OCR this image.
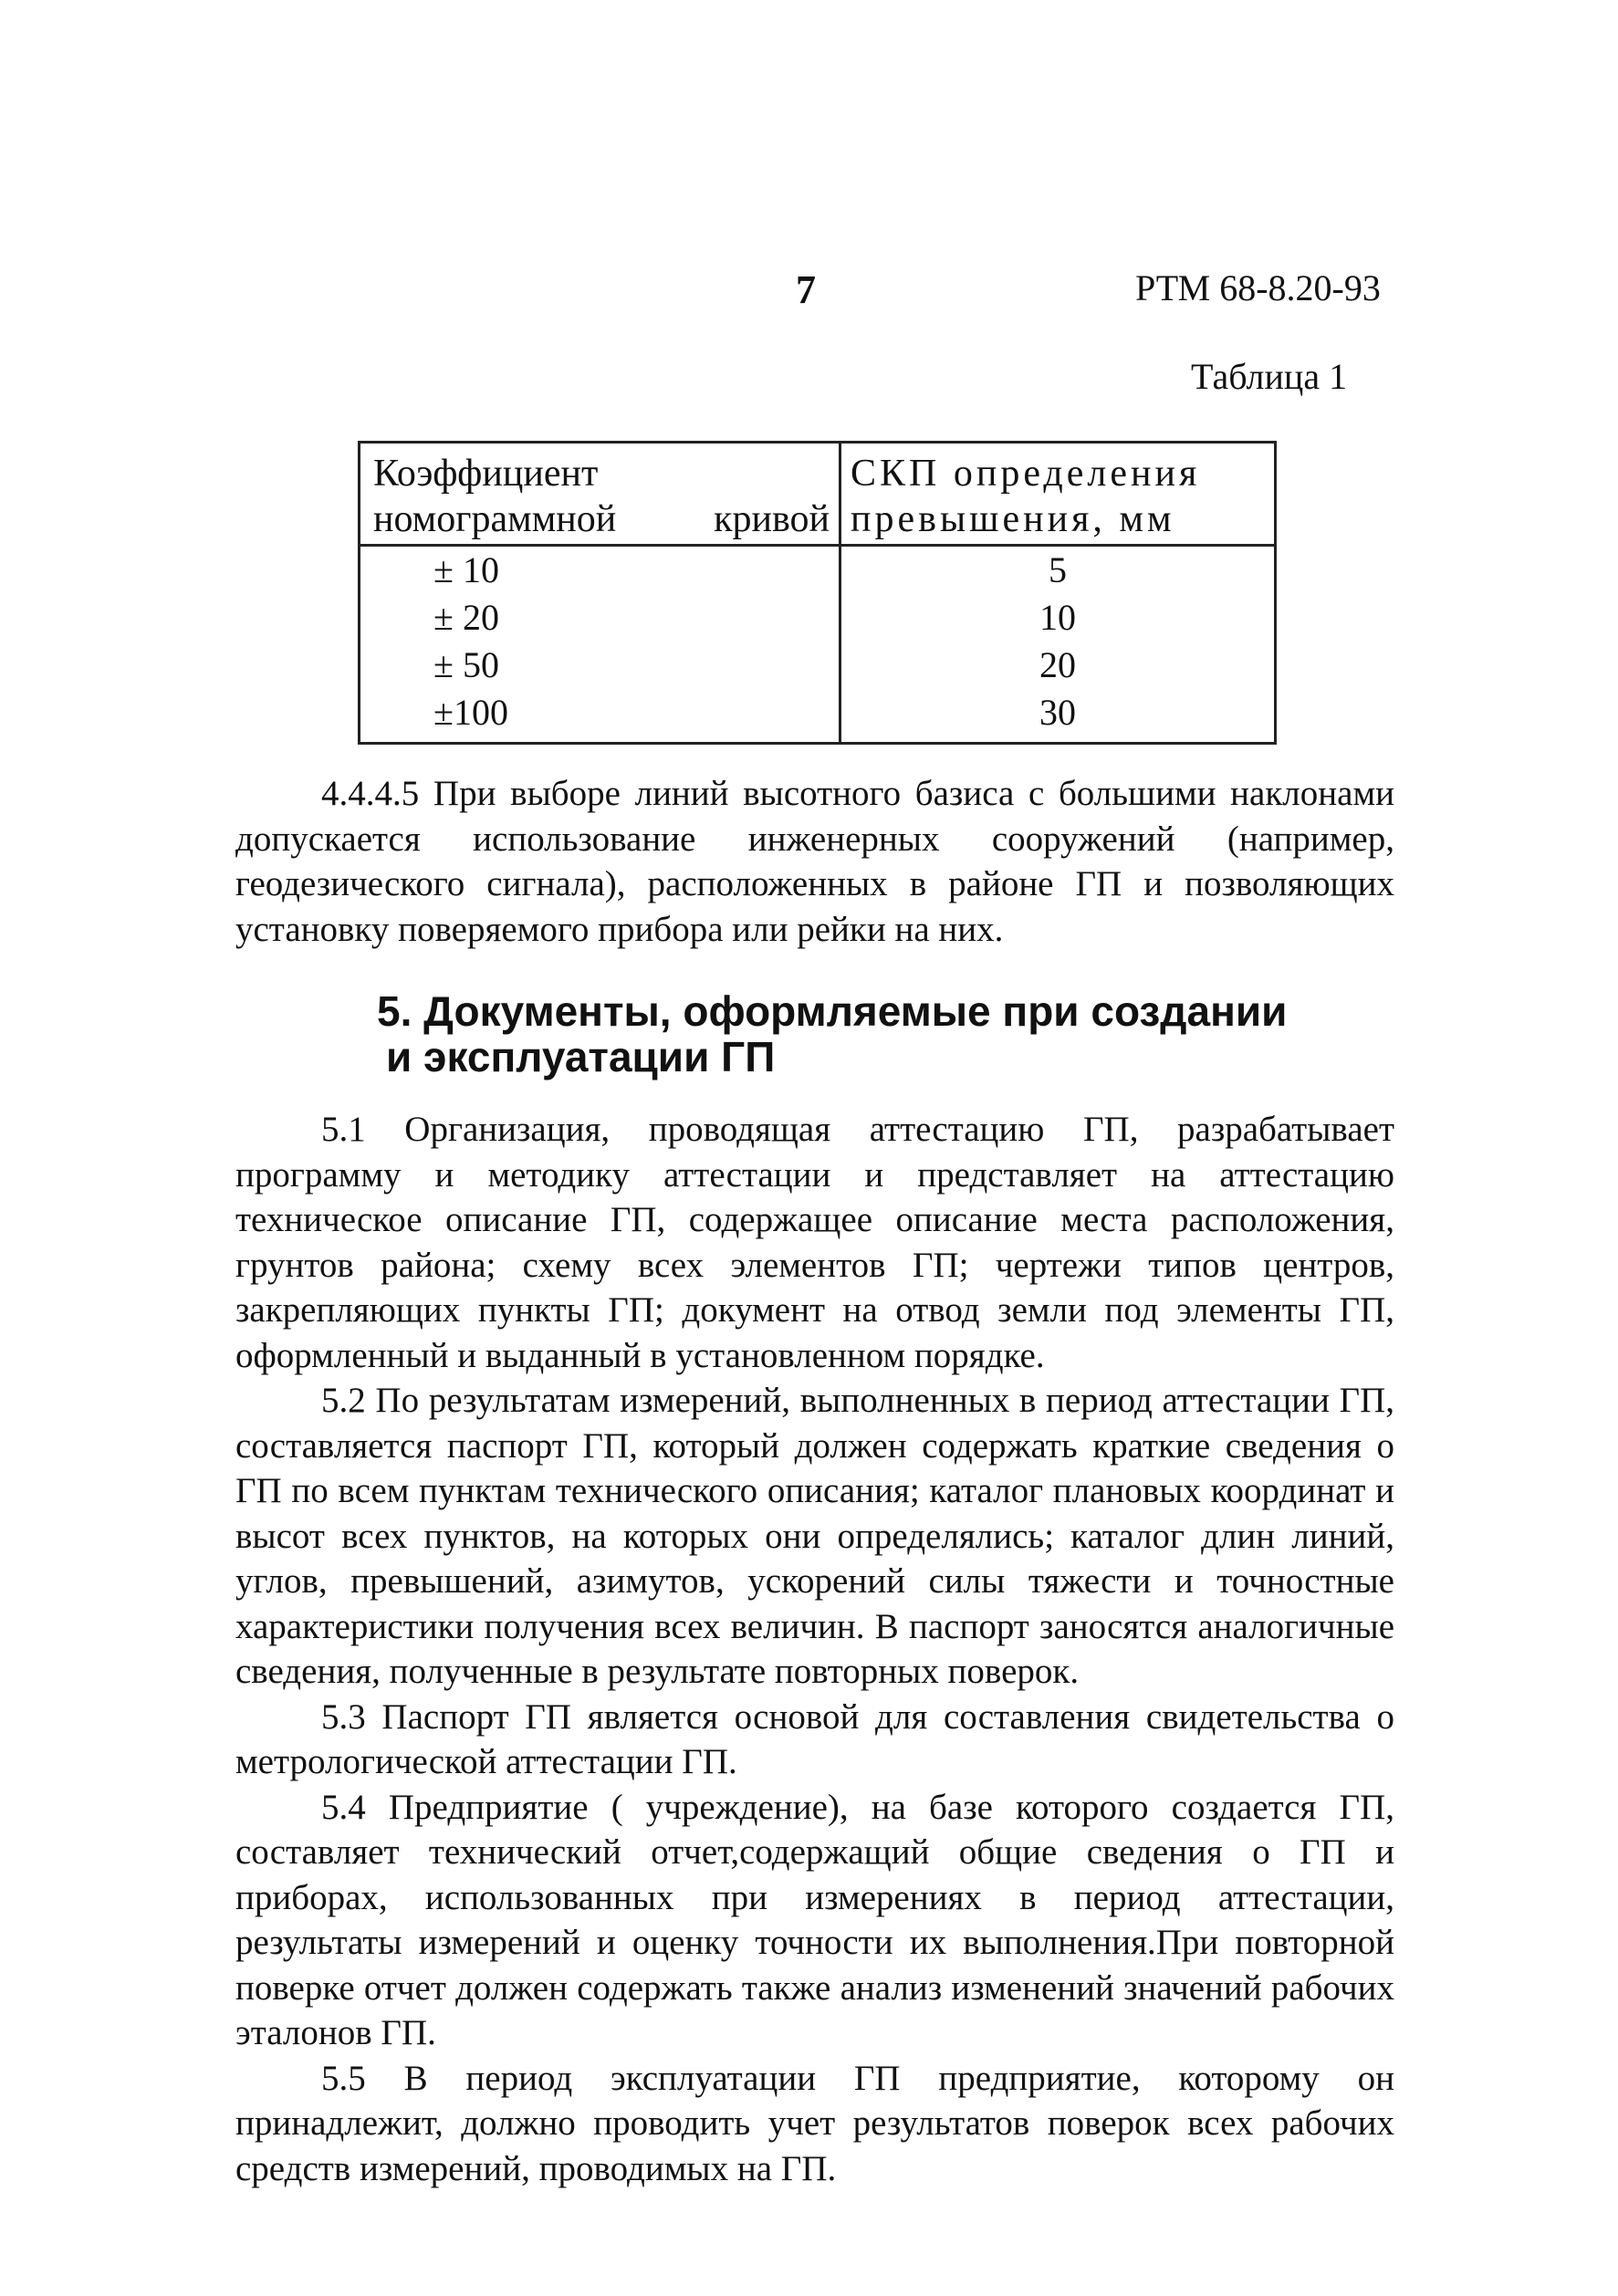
7	РТМ 68-8.20-93
Таблица 1
Коэффициент номограммной кривой	СКП определения превышения, мм
± 10	5
± 20	10
± 50	20
±100	30

4.4.4.5 При выборе линий высотного базиса с большими наклонами допускается использование инженерных сооружений (например, геодезического сигнала), расположенных в районе ГП и позволяющих установку поверяемого прибора или рейки на них.

5. Документы, оформляемые при создании
и эксплуатации ГП

5.1 Организация, проводящая аттестацию ГП, разрабатывает программу и методику аттестации и представляет на аттестацию техническое описание ГП, содержащее описание места расположения, грунтов района; схему всех элементов ГП; чертежи типов центров, закрепляющих пункты ГП; документ на отвод земли под элементы ГП, оформленный и выданный в установленном порядке.

5.2 По результатам измерений, выполненных в период аттестации ГП, составляется паспорт ГП, который должен содержать краткие сведения о ГП по всем пунктам технического описания; каталог плановых координат и высот всех пунктов, на которых они определялись; каталог длин линий, углов, превышений, азимутов, ускорений силы тяжести и точностные характеристики получения всех величин. В паспорт заносятся аналогичные сведения, полученные в результате повторных поверок.

5.3 Паспорт ГП является основой для составления свидетельства о метрологической аттестации ГП.

5.4 Предприятие ( учреждение), на базе которого создается ГП, составляет технический отчет,содержащий общие сведения о ГП и приборах, использованных при измерениях в период аттестации, результаты измерений и оценку точности их выполнения.При повторной поверке отчет должен содержать также анализ изменений значений рабочих эталонов ГП.

5.5 В период эксплуатации ГП предприятие, которому он принадлежит, должно проводить учет результатов поверок всех рабочих средств измерений, проводимых на ГП.
